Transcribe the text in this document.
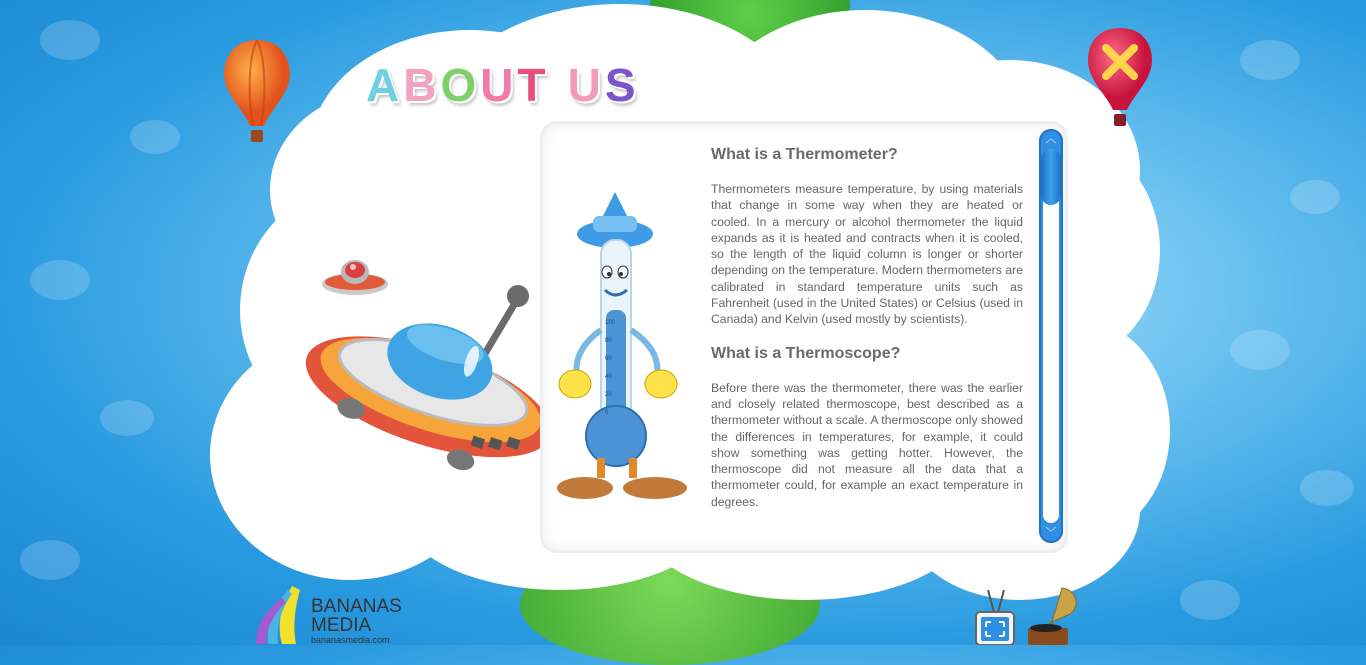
ABOUT US
100
80
60
40
20
0
What is a Thermometer?

Thermometers measure temperature, by using materials that change in some way when they are heated or cooled. In a mercury or alcohol thermometer the liquid expands as it is heated and contracts when it is cooled, so the length of the liquid column is longer or shorter depending on the temperature. Modern thermometers are calibrated in standard temperature units such as Fahrenheit (used in the United States) or Celsius (used in Canada) and Kelvin (used mostly by scientists).

What is a Thermoscope?

Before there was the thermometer, there was the earlier and closely related thermoscope, best described as a thermometer without a scale. A thermoscope only showed the differences in temperatures, for example, it could show something was getting hotter. However, the thermoscope did not measure all the data that a thermometer could, for example an exact temperature in degrees.

︿
﹀
BANANAS
MEDIA
bananasmedia.com
